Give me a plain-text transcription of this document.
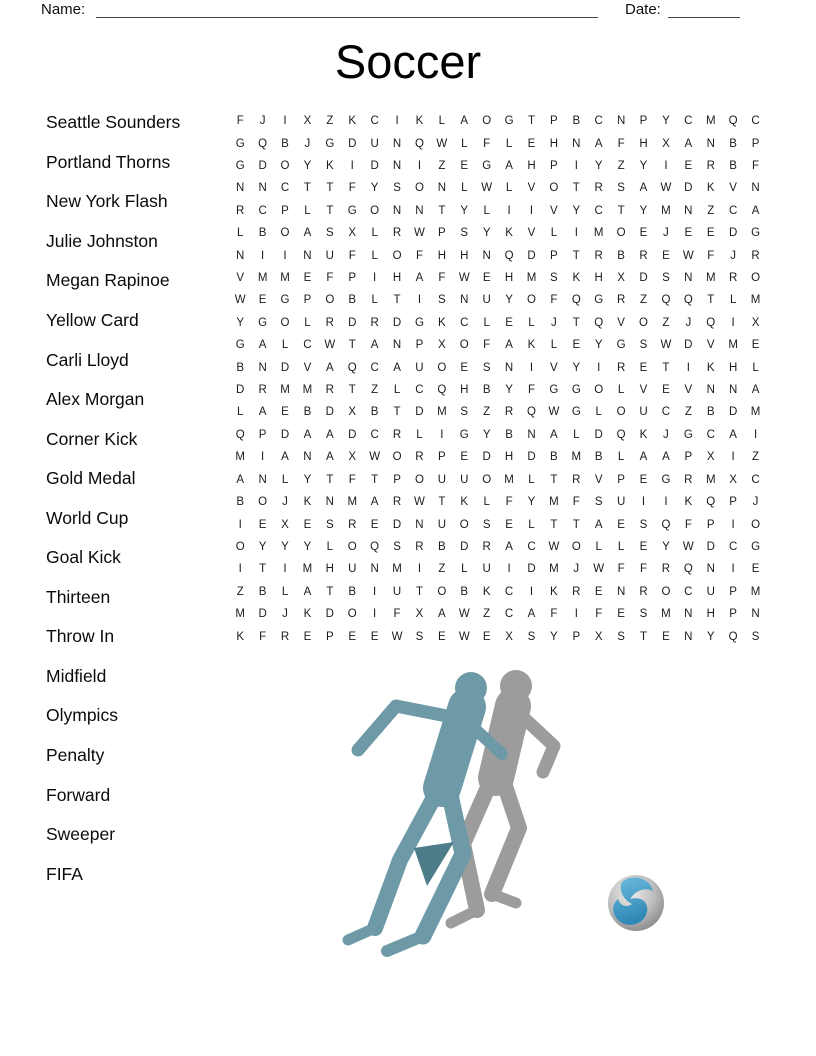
Name:	Date:
Soccer
Seattle Sounders
Portland Thorns
New York Flash
Julie Johnston
Megan Rapinoe
Yellow Card
Carli Lloyd
Alex Morgan
Corner Kick
Gold Medal
World Cup
Goal Kick
Thirteen
Throw In
Midfield
Olympics
Penalty
Forward
Sweeper
FIFA
F	J	I	X	Z	K	C	I	K	L	A	O	G	T	P	B	C	N	P	Y	C	M	Q	C
G	Q	B	J	G	D	U	N	Q	W	L	F	L	E	H	N	A	F	H	X	A	N	B	P
G	D	O	Y	K	I	D	N	I	Z	E	G	A	H	P	I	Y	Z	Y	I	E	R	B	F
N	N	C	T	T	F	Y	S	O	N	L	W	L	V	O	T	R	S	A	W	D	K	V	N
R	C	P	L	T	G	O	N	N	T	Y	L	I	I	V	Y	C	T	Y	M	N	Z	C	A
L	B	O	A	S	X	L	R	W	P	S	Y	K	V	L	I	M	O	E	J	E	E	D	G
N	I	I	N	U	F	L	O	F	H	H	N	Q	D	P	T	R	B	R	E	W	F	J	R
V	M	M	E	F	P	I	H	A	F	W	E	H	M	S	K	H	X	D	S	N	M	R	O
W	E	G	P	O	B	L	T	I	S	N	U	Y	O	F	Q	G	R	Z	Q	Q	T	L	M
Y	G	O	L	R	D	R	D	G	K	C	L	E	L	J	T	Q	V	O	Z	J	Q	I	X
G	A	L	C	W	T	A	N	P	X	O	F	A	K	L	E	Y	G	S	W	D	V	M	E
B	N	D	V	A	Q	C	A	U	O	E	S	N	I	V	Y	I	R	E	T	I	K	H	L
D	R	M	M	R	T	Z	L	C	Q	H	B	Y	F	G	G	O	L	V	E	V	N	N	A
L	A	E	B	D	X	B	T	D	M	S	Z	R	Q	W	G	L	O	U	C	Z	B	D	M
Q	P	D	A	A	D	C	R	L	I	G	Y	B	N	A	L	D	Q	K	J	G	C	A	I
M	I	A	N	A	X	W	O	R	P	E	D	H	D	B	M	B	L	A	A	P	X	I	Z
A	N	L	Y	T	F	T	P	O	U	U	O	M	L	T	R	V	P	E	G	R	M	X	C
B	O	J	K	N	M	A	R	W	T	K	L	F	Y	M	F	S	U	I	I	K	Q	P	J
I	E	X	E	S	R	E	D	N	U	O	S	E	L	T	T	A	E	S	Q	F	P	I	O
O	Y	Y	Y	L	O	Q	S	R	B	D	R	A	C	W	O	L	L	E	Y	W	D	C	G
I	T	I	M	H	U	N	M	I	Z	L	U	I	D	M	J	W	F	F	R	Q	N	I	E
Z	B	L	A	T	B	I	U	T	O	B	K	C	I	K	R	E	N	R	O	C	U	P	M
M	D	J	K	D	O	I	F	X	A	W	Z	C	A	F	I	F	E	S	M	N	H	P	N
K	F	R	E	P	E	E	W	S	E	W	E	X	S	Y	P	X	S	T	E	N	Y	Q	S
